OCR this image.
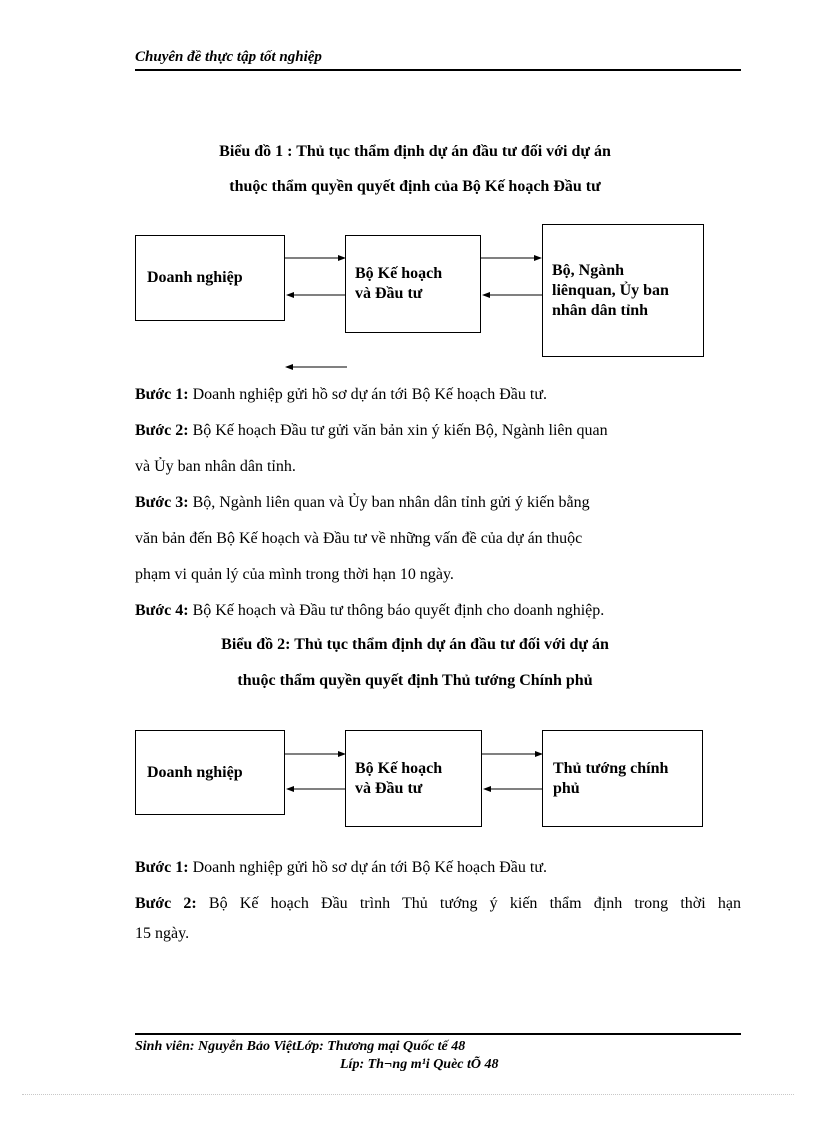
Chuyên đề thực tập tốt nghiệp
Biểu đồ 1 : Thủ tục thẩm định dự án đầu tư đối với dự án
thuộc thẩm quyền quyết định của Bộ Kế hoạch Đầu tư
Doanh nghiệp	Bộ Kế hoạch
và Đầu tư
Bộ, Ngành
liênquan, Ủy ban
nhân dân tỉnh
Bước 1: Doanh nghiệp gửi hồ sơ dự án tới Bộ Kế hoạch Đầu tư.
Bước 2: Bộ Kế hoạch Đầu tư gửi văn bản xin ý kiến Bộ, Ngành liên quan
và Ủy ban nhân dân tỉnh.
Bước 3: Bộ, Ngành liên quan và Ủy ban nhân dân tỉnh gửi ý kiến bằng
văn bản đến Bộ Kế hoạch và Đầu tư về những vấn đề của dự án thuộc
phạm vi quản lý của mình trong thời hạn 10 ngày.
Bước 4: Bộ Kế hoạch và Đầu tư thông báo quyết định cho doanh nghiệp.
Biểu đồ 2: Thủ tục thẩm định dự án đầu tư đối với dự án
thuộc thẩm quyền quyết định Thủ tướng Chính phủ
Doanh nghiệp	Bộ Kế hoạch
và Đầu tư
Thủ tướng chính
phủ
Bước 1: Doanh nghiệp gửi hồ sơ dự án tới Bộ Kế hoạch Đầu tư.
Bước 2: Bộ Kế hoạch Đầu trình Thủ tướng ý kiến thẩm định trong thời hạn
15 ngày.
Sinh viên: Nguyễn Bảo ViệtLớp: Thương mại Quốc tế 48
Líp: Th¬ng m¹i Quèc tÕ 48
